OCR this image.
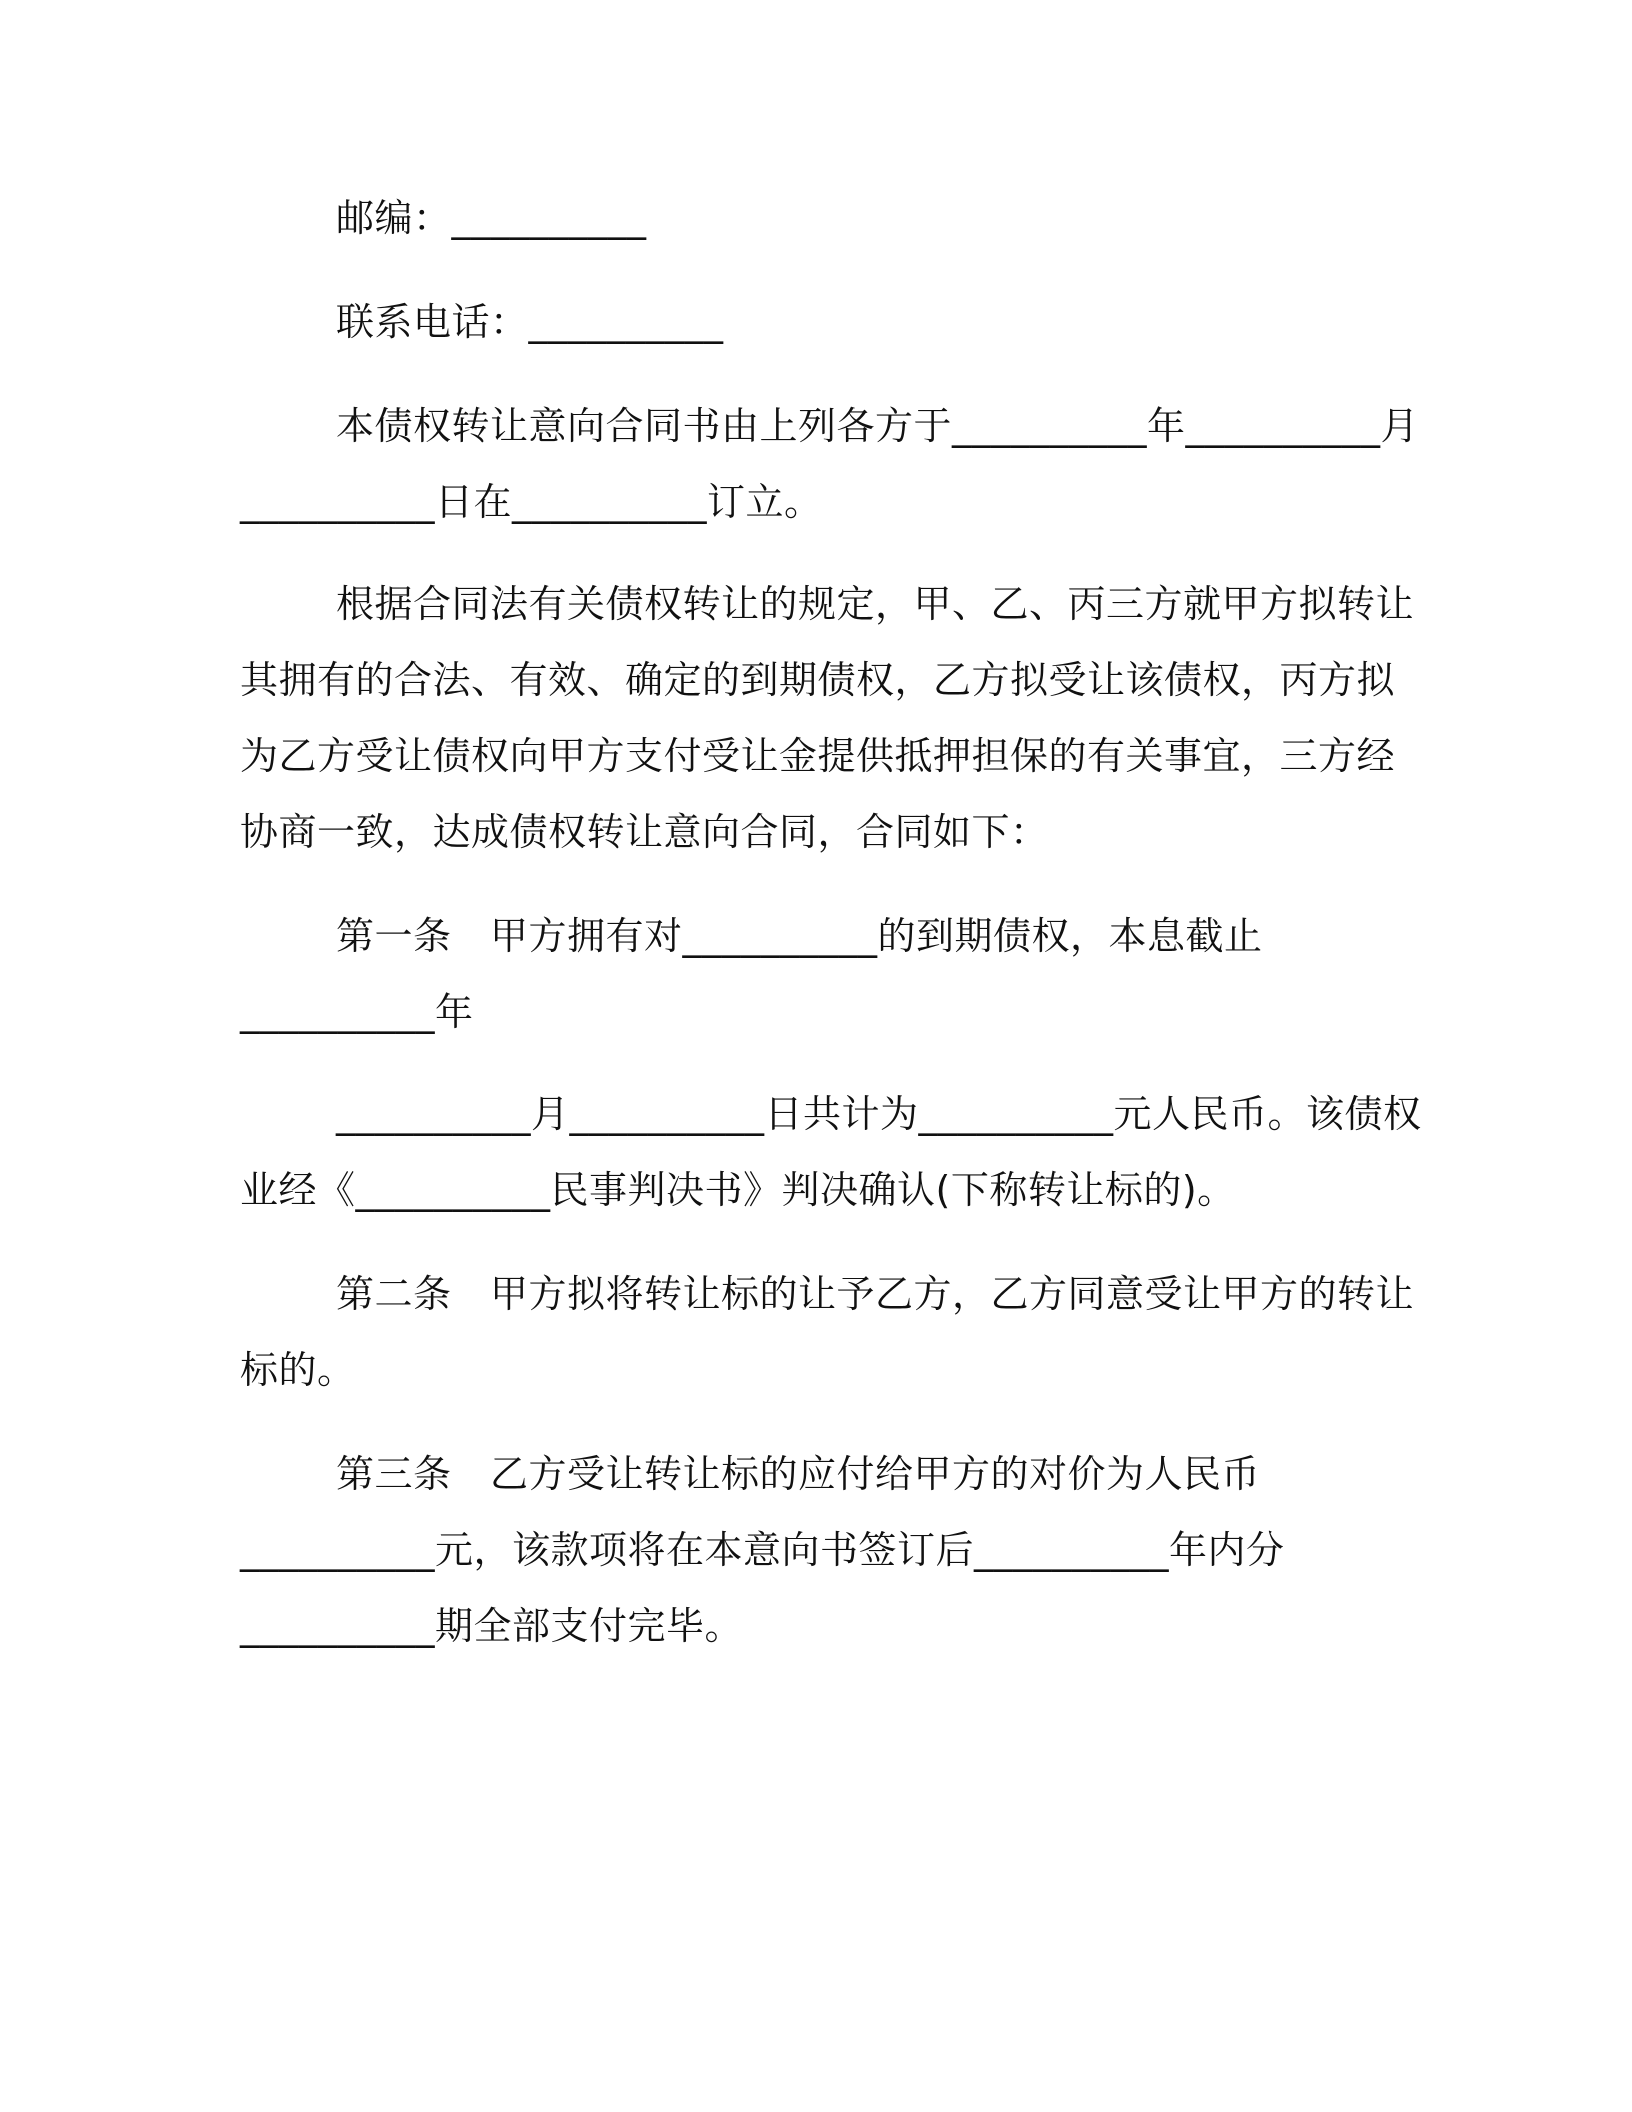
邮编：__________
联系电话：__________
本债权转让意向合同书由上列各方于__________年__________月
__________日在__________订立。
根据合同法有关债权转让的规定，甲、乙、丙三方就甲方拟转让
其拥有的合法、有效、确定的到期债权，乙方拟受让该债权，丙方拟
为乙方受让债权向甲方支付受让金提供抵押担保的有关事宜，三方经
协商一致，达成债权转让意向合同，合同如下：
第一条　甲方拥有对__________的到期债权，本息截止
__________年
__________月__________日共计为__________元人民币。该债权
业经《__________民事判决书》判决确认(下称转让标的)。
第二条　甲方拟将转让标的让予乙方，乙方同意受让甲方的转让
标的。
第三条　乙方受让转让标的应付给甲方的对价为人民币
__________元，该款项将在本意向书签订后__________年内分
__________期全部支付完毕。
